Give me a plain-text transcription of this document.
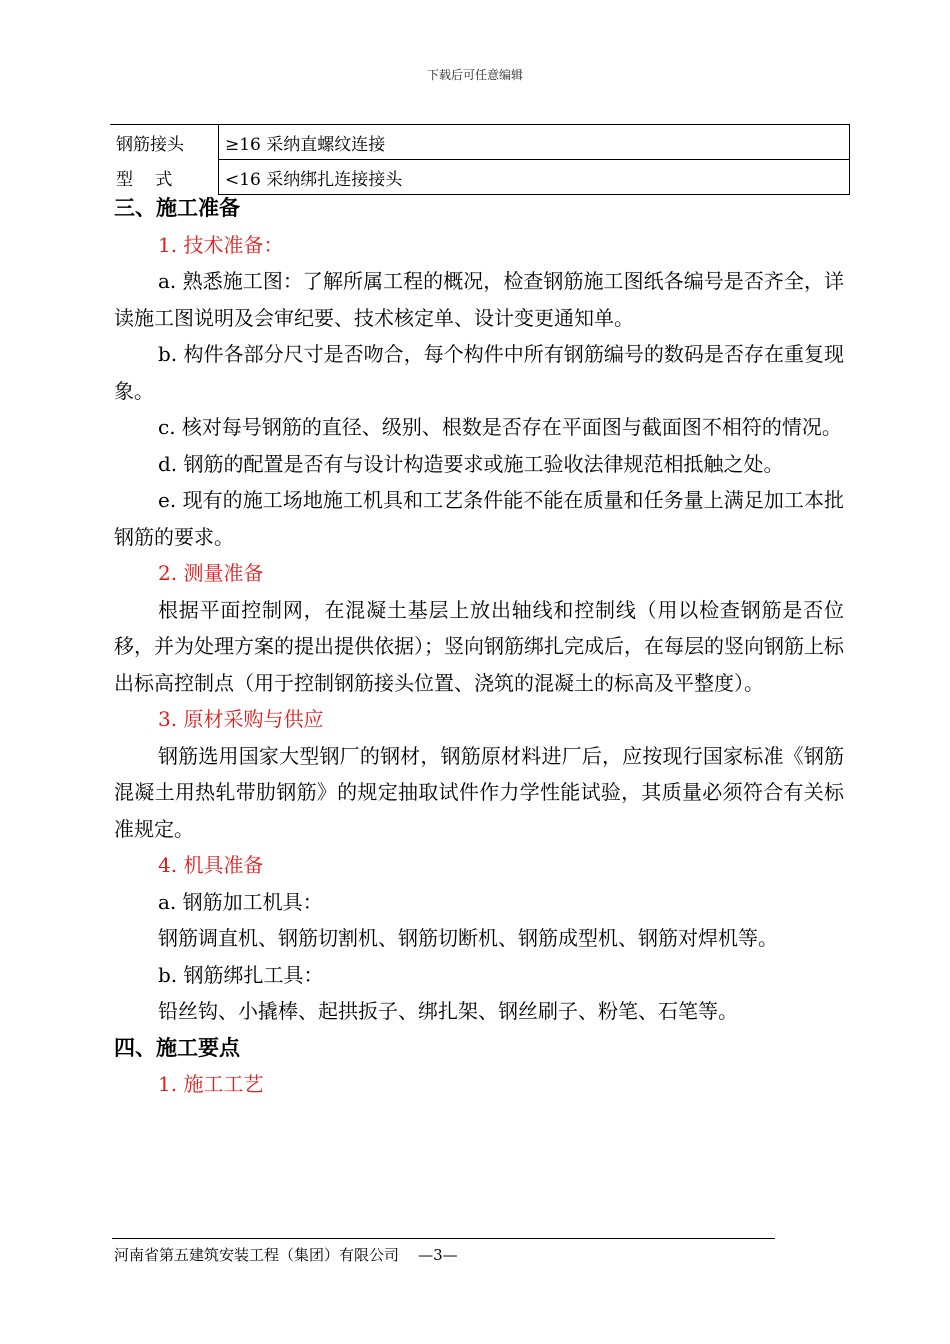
下载后可任意编辑
钢筋接头	≥16 采纳直螺纹连接
型　 式	<16 采纳绑扎连接接头

三、施工准备

1. 技术准备：

a. 熟悉施工图：了解所属工程的概况，检查钢筋施工图纸各编号是否齐全，详读施工图说明及会审纪要、技术核定单、设计变更通知单。

b. 构件各部分尺寸是否吻合，每个构件中所有钢筋编号的数码是否存在重复现象。

c. 核对每号钢筋的直径、级别、根数是否存在平面图与截面图不相符的情况。

d. 钢筋的配置是否有与设计构造要求或施工验收法律规范相抵触之处。

e. 现有的施工场地施工机具和工艺条件能不能在质量和任务量上满足加工本批钢筋的要求。

2. 测量准备

根据平面控制网，在混凝土基层上放出轴线和控制线（用以检查钢筋是否位移，并为处理方案的提出提供依据）；竖向钢筋绑扎完成后，在每层的竖向钢筋上标出标高控制点（用于控制钢筋接头位置、浇筑的混凝土的标高及平整度）。

3. 原材采购与供应

钢筋选用国家大型钢厂的钢材，钢筋原材料进厂后，应按现行国家标准《钢筋混凝土用热轧带肋钢筋》的规定抽取试件作力学性能试验，其质量必须符合有关标准规定。

4. 机具准备

a. 钢筋加工机具：

钢筋调直机、钢筋切割机、钢筋切断机、钢筋成型机、钢筋对焊机等。

b. 钢筋绑扎工具：

铅丝钩、小撬棒、起拱扳子、绑扎架、钢丝刷子、粉笔、石笔等。

四、施工要点

1. 施工工艺

河南省第五建筑安装工程（集团）有限公司 —3—
